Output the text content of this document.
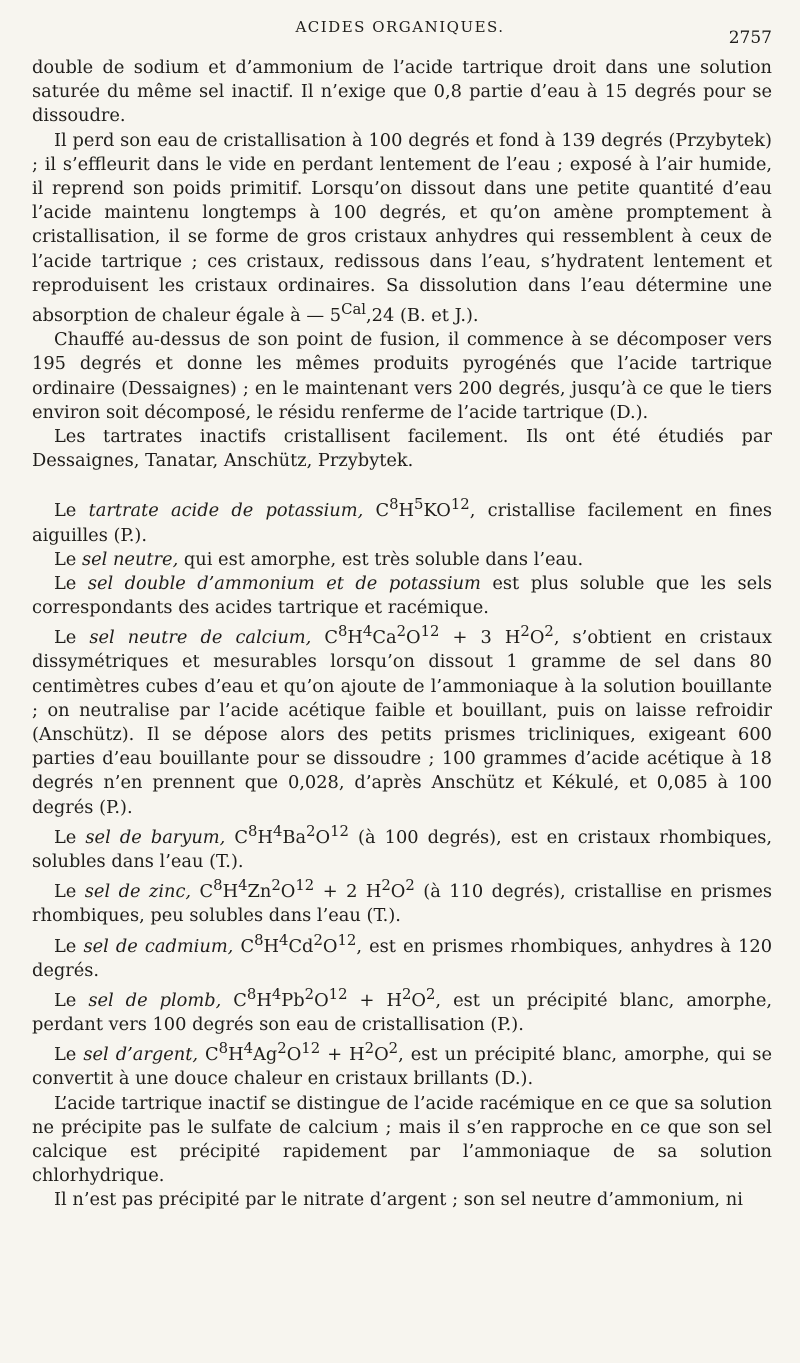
ACIDES ORGANIQUES.
2757

double de sodium et d’ammonium de l’acide tartrique droit dans une solution saturée du même sel inactif. Il n’exige que 0,8 partie d’eau à 15 degrés pour se dissoudre.

Il perd son eau de cristallisation à 100 degrés et fond à 139 degrés (Przybytek) ; il s’effleurit dans le vide en perdant lentement de l’eau ; exposé à l’air humide, il reprend son poids primitif. Lorsqu’on dissout dans une petite quantité d’eau l’acide maintenu longtemps à 100 degrés, et qu’on amène promptement à cristallisation, il se forme de gros cristaux anhydres qui ressemblent à ceux de l’acide tartrique ; ces cristaux, redissous dans l’eau, s’hydratent lentement et reproduisent les cristaux ordinaires. Sa dissolution dans l’eau détermine une absorption de chaleur égale à — $5^{Cal},24$ (B. et J.).

Chauffé au-dessus de son point de fusion, il commence à se décomposer vers 195 degrés et donne les mêmes produits pyrogénés que l’acide tartrique ordinaire (Dessaignes) ; en le maintenant vers 200 degrés, jusqu’à ce que le tiers environ soit décomposé, le résidu renferme de l’acide tartrique (D.).

Les tartrates inactifs cristallisent facilement. Ils ont été étudiés par Dessaignes, Tanatar, Anschütz, Przybytek.

Le tartrate acide de potassium, $C^8H^5KO^{12}$, cristallise facilement en fines aiguilles (P.).

Le sel neutre, qui est amorphe, est très soluble dans l’eau.

Le sel double d’ammonium et de potassium est plus soluble que les sels correspondants des acides tartrique et racémique.

Le sel neutre de calcium, $C^8H^4Ca^2O^{12} + 3$ $H^2O^2$, s’obtient en cristaux dissymétriques et mesurables lorsqu’on dissout 1 gramme de sel dans 80 centimètres cubes d’eau et qu’on ajoute de l’ammoniaque à la solution bouillante ; on neutralise par l’acide acétique faible et bouillant, puis on laisse refroidir (Anschütz). Il se dépose alors des petits prismes tricliniques, exigeant 600 parties d’eau bouillante pour se dissoudre ; 100 grammes d’acide acétique à 18 degrés n’en prennent que 0,028, d’après Anschütz et Kékulé, et 0,085 à 100 degrés (P.).

Le sel de baryum, $C^8H^4Ba^2O^{12}$ (à 100 degrés), est en cristaux rhombiques, solubles dans l’eau (T.).

Le sel de zinc, $C^8H^4Zn^2O^{12} + 2$ $H^2O^2$ (à 110 degrés), cristallise en prismes rhombiques, peu solubles dans l’eau (T.).

Le sel de cadmium, $C^8H^4Cd^2O^{12}$, est en prismes rhombiques, anhydres à 120 degrés.

Le sel de plomb, $C^8H^4Pb^2O^{12} + H^2O^2$, est un précipité blanc, amorphe, perdant vers 100 degrés son eau de cristallisation (P.).

Le sel d’argent, $C^8H^4Ag^2O^{12} + H^2O^2$, est un précipité blanc, amorphe, qui se convertit à une douce chaleur en cristaux brillants (D.).

L’acide tartrique inactif se distingue de l’acide racémique en ce que sa solution ne précipite pas le sulfate de calcium ; mais il s’en rapproche en ce que son sel calcique est précipité rapidement par l’ammoniaque de sa solution chlorhydrique.

Il n’est pas précipité par le nitrate d’argent ; son sel neutre d’ammonium, ni
